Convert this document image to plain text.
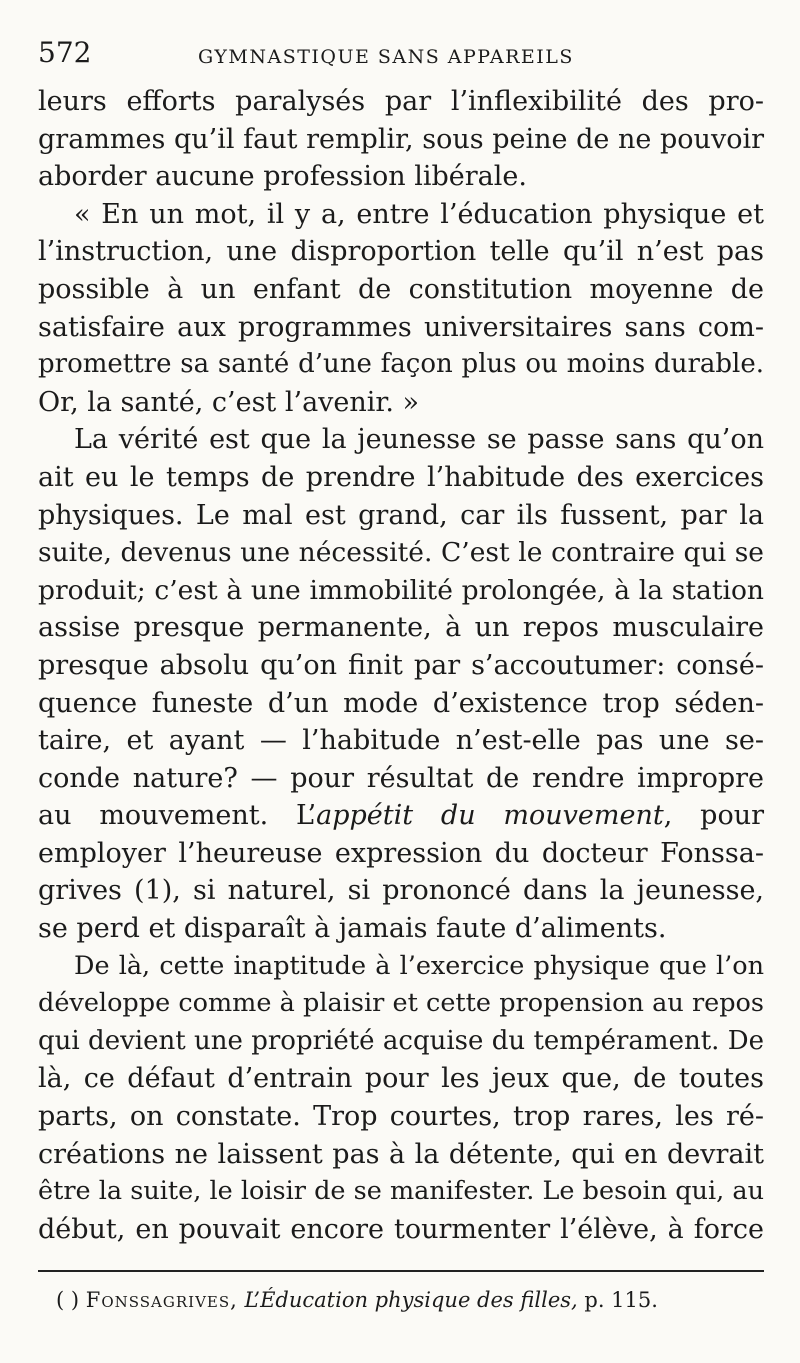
572	GYMNASTIQUE SANS APPAREILS
leurs efforts paralysés par l’inflexibilité des pro-
grammes qu’il faut remplir, sous peine de ne pouvoir
aborder aucune profession libérale.
« En un mot, il y a, entre l’éducation physique et
l’instruction, une disproportion telle qu’il n’est pas
possible à un enfant de constitution moyenne de
satisfaire aux programmes universitaires sans com-
promettre sa santé d’une façon plus ou moins durable.
Or, la santé, c’est l’avenir. »
La vérité est que la jeunesse se passe sans qu’on
ait eu le temps de prendre l’habitude des exercices
physiques. Le mal est grand, car ils fussent, par la
suite, devenus une nécessité. C’est le contraire qui se
produit; c’est à une immobilité prolongée, à la station
assise presque permanente, à un repos musculaire
presque absolu qu’on finit par s’accoutumer: consé-
quence funeste d’un mode d’existence trop séden-
taire, et ayant — l’habitude n’est-elle pas une se-
conde nature? — pour résultat de rendre impropre
au mouvement. L’appétit du mouvement, pour
employer l’heureuse expression du docteur Fonssa-
grives (1), si naturel, si prononcé dans la jeunesse,
se perd et disparaît à jamais faute d’aliments.
De là, cette inaptitude à l’exercice physique que l’on
développe comme à plaisir et cette propension au repos
qui devient une propriété acquise du tempérament. De
là, ce défaut d’entrain pour les jeux que, de toutes
parts, on constate. Trop courtes, trop rares, les ré-
créations ne laissent pas à la détente, qui en devrait
être la suite, le loisir de se manifester. Le besoin qui, au
début, en pouvait encore tourmenter l’élève, à force
( ) Fonssagrives, L’Éducation physique des filles, p. 115.
